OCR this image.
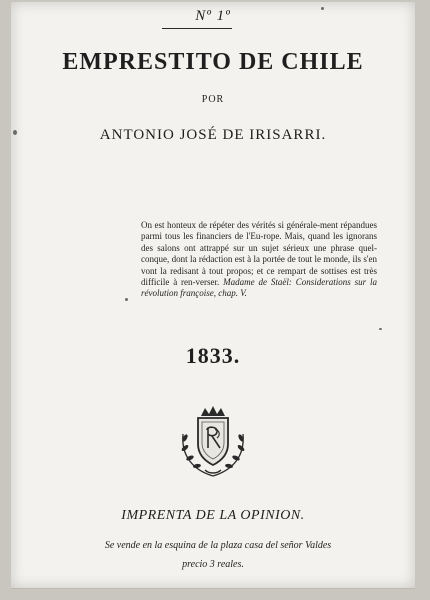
Nº 1º
EMPRESTITO DE CHILE
POR
ANTONIO JOSÉ DE IRISARRI.
On est honteux de répéter des vérités si générale-ment répandues parmi tous les financiers de l'Eu-rope. Mais, quand les ignorans des salons ont attrappé sur un sujet sérieux une phrase quel-conque, dont la rédaction est à la portée de tout le monde, ils s'en vont la redisant à tout propos; et ce rempart de sottises est très difficile à ren-verser. Madame de Staël: Considerations sur la révolution françoise, chap. V.
1833.
IMPRENTA DE LA OPINION.
Se vende en la esquina de la plaza casa del señor Valdes
precio 3 reales.
